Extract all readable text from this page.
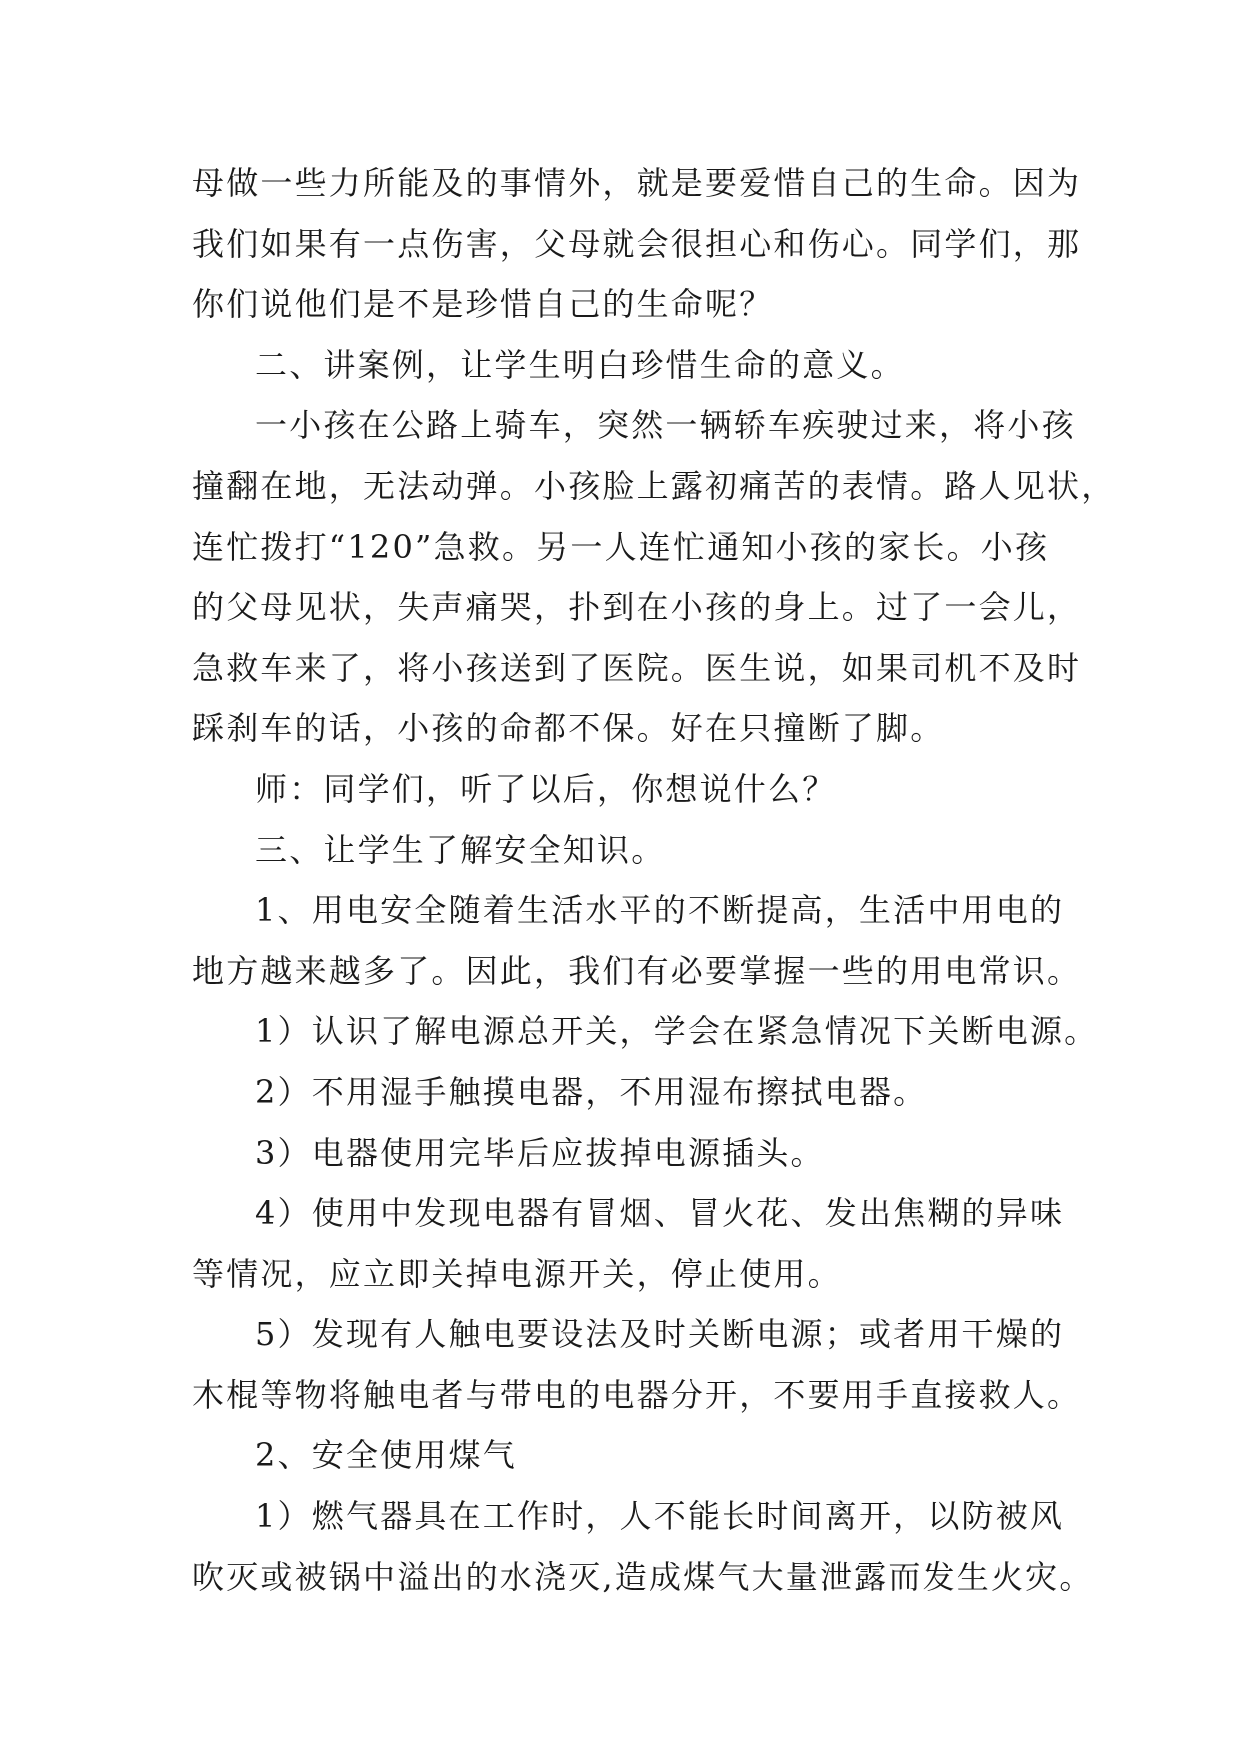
母做一些力所能及的事情外，就是要爱惜自己的生命。因为
我们如果有一点伤害，父母就会很担心和伤心。同学们，那
你们说他们是不是珍惜自己的生命呢？
二、讲案例，让学生明白珍惜生命的意义。
一小孩在公路上骑车，突然一辆轿车疾驶过来，将小孩
撞翻在地，无法动弹。小孩脸上露初痛苦的表情。路人见状，
连忙拨打“120”急救。另一人连忙通知小孩的家长。小孩
的父母见状，失声痛哭，扑到在小孩的身上。过了一会儿，
急救车来了，将小孩送到了医院。医生说，如果司机不及时
踩刹车的话，小孩的命都不保。好在只撞断了脚。
师：同学们，听了以后，你想说什么？
三、让学生了解安全知识。
1、用电安全随着生活水平的不断提高，生活中用电的
地方越来越多了。因此，我们有必要掌握一些的用电常识。
1）认识了解电源总开关，学会在紧急情况下关断电源。
2）不用湿手触摸电器，不用湿布擦拭电器。
3）电器使用完毕后应拔掉电源插头。
4）使用中发现电器有冒烟、冒火花、发出焦糊的异味
等情况，应立即关掉电源开关，停止使用。
5）发现有人触电要设法及时关断电源；或者用干燥的
木棍等物将触电者与带电的电器分开，不要用手直接救人。
2、安全使用煤气
1）燃气器具在工作时，人不能长时间离开，以防被风
吹灭或被锅中溢出的水浇灭,造成煤气大量泄露而发生火灾。
